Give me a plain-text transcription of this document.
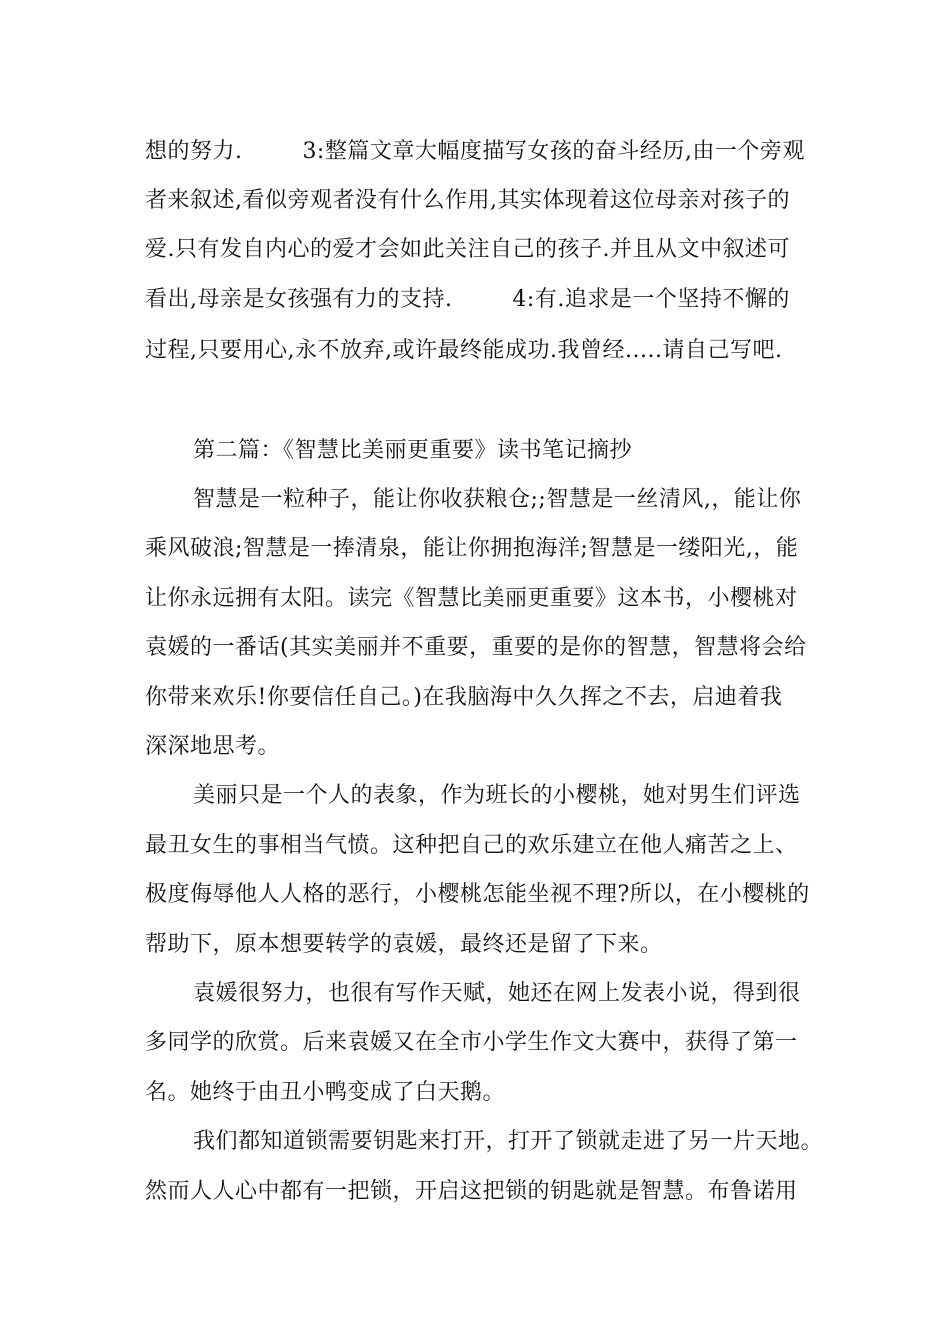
想的努力.        3:整篇文章大幅度描写女孩的奋斗经历,由一个旁观
者来叙述,看似旁观者没有什么作用,其实体现着这位母亲对孩子的
爱.只有发自内心的爱才会如此关注自己的孩子.并且从文中叙述可
看出,母亲是女孩强有力的支持.        4:有.追求是一个坚持不懈的
过程,只要用心,永不放弃,或许最终能成功.我曾经.....请自己写吧.
第二篇：《智慧比美丽更重要》读书笔记摘抄
智慧是一粒种子，能让你收获粮仓;;智慧是一丝清风,，能让你
乘风破浪;智慧是一捧清泉，能让你拥抱海洋;智慧是一缕阳光,，能
让你永远拥有太阳。读完《智慧比美丽更重要》这本书，小樱桃对
袁媛的一番话(其实美丽并不重要，重要的是你的智慧，智慧将会给
你带来欢乐!你要信任自己。)在我脑海中久久挥之不去，启迪着我
深深地思考。
美丽只是一个人的表象，作为班长的小樱桃，她对男生们评选
最丑女生的事相当气愤。这种把自己的欢乐建立在他人痛苦之上、
极度侮辱他人人格的恶行，小樱桃怎能坐视不理?所以，在小樱桃的
帮助下，原本想要转学的袁媛，最终还是留了下来。
袁媛很努力，也很有写作天赋，她还在网上发表小说，得到很
多同学的欣赏。后来袁媛又在全市小学生作文大赛中，获得了第一
名。她终于由丑小鸭变成了白天鹅。
我们都知道锁需要钥匙来打开，打开了锁就走进了另一片天地。
然而人人心中都有一把锁，开启这把锁的钥匙就是智慧。布鲁诺用
